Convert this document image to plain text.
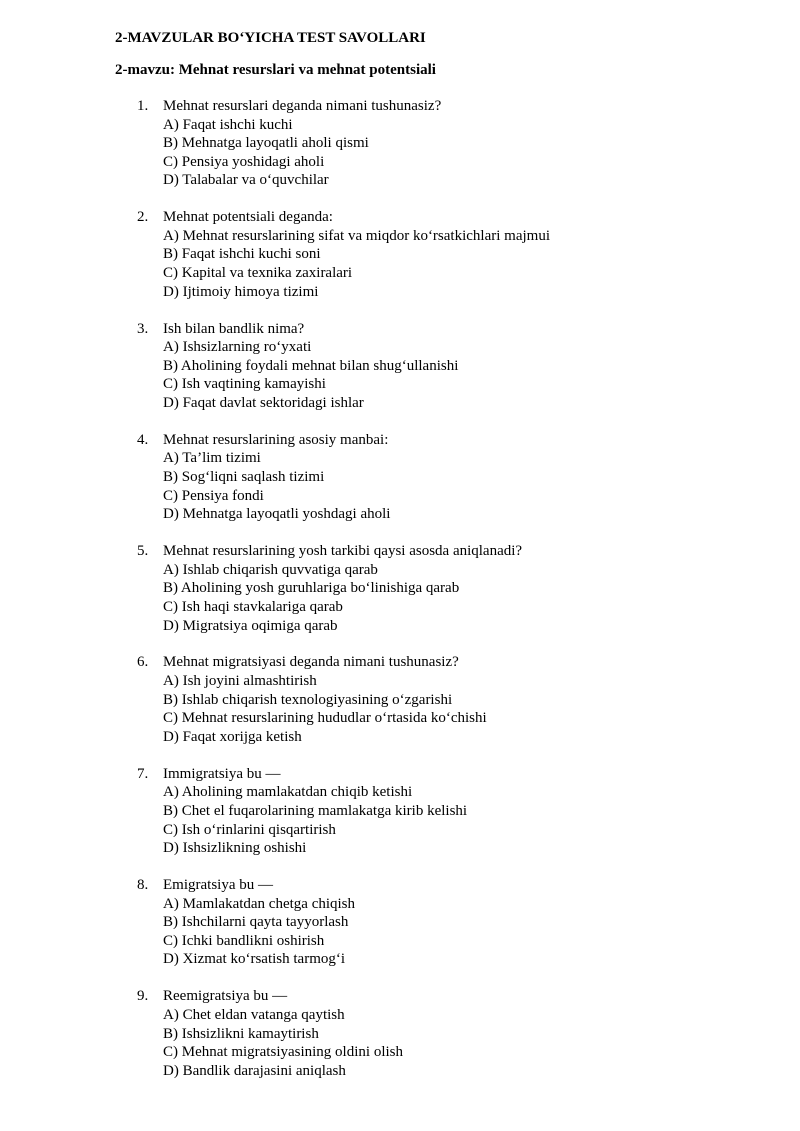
2-MAVZULAR BO‘YICHA TEST SAVOLLARI
2-mavzu: Mehnat resurslari va mehnat potentsiali
1. Mehnat resurslari deganda nimani tushunasiz?
A) Faqat ishchi kuchi
B) Mehnatga layoqatli aholi qismi
C) Pensiya yoshidagi aholi
D) Talabalar va o‘quvchilar
2. Mehnat potentsiali deganda:
A) Mehnat resurslarining sifat va miqdor ko‘rsatkichlari majmui
B) Faqat ishchi kuchi soni
C) Kapital va texnika zaxiralari
D) Ijtimoiy himoya tizimi
3. Ish bilan bandlik nima?
A) Ishsizlarning ro‘yxati
B) Aholining foydali mehnat bilan shug‘ullanishi
C) Ish vaqtining kamayishi
D) Faqat davlat sektoridagi ishlar
4. Mehnat resurslarining asosiy manbai:
A) Ta’lim tizimi
B) Sog‘liqni saqlash tizimi
C) Pensiya fondi
D) Mehnatga layoqatli yoshdagi aholi
5. Mehnat resurslarining yosh tarkibi qaysi asosda aniqlanadi?
A) Ishlab chiqarish quvvatiga qarab
B) Aholining yosh guruhlariga bo‘linishiga qarab
C) Ish haqi stavkalariga qarab
D) Migratsiya oqimiga qarab
6. Mehnat migratsiyasi deganda nimani tushunasiz?
A) Ish joyini almashtirish
B) Ishlab chiqarish texnologiyasining o‘zgarishi
C) Mehnat resurslarining hududlar o‘rtasida ko‘chishi
D) Faqat xorijga ketish
7. Immigratsiya bu —
A) Aholining mamlakatdan chiqib ketishi
B) Chet el fuqarolarining mamlakatga kirib kelishi
C) Ish o‘rinlarini qisqartirish
D) Ishsizlikning oshishi
8. Emigratsiya bu —
A) Mamlakatdan chetga chiqish
B) Ishchilarni qayta tayyorlash
C) Ichki bandlikni oshirish
D) Xizmat ko‘rsatish tarmog‘i
9. Reemigratsiya bu —
A) Chet eldan vatanga qaytish
B) Ishsizlikni kamaytirish
C) Mehnat migratsiyasining oldini olish
D) Bandlik darajasini aniqlash
